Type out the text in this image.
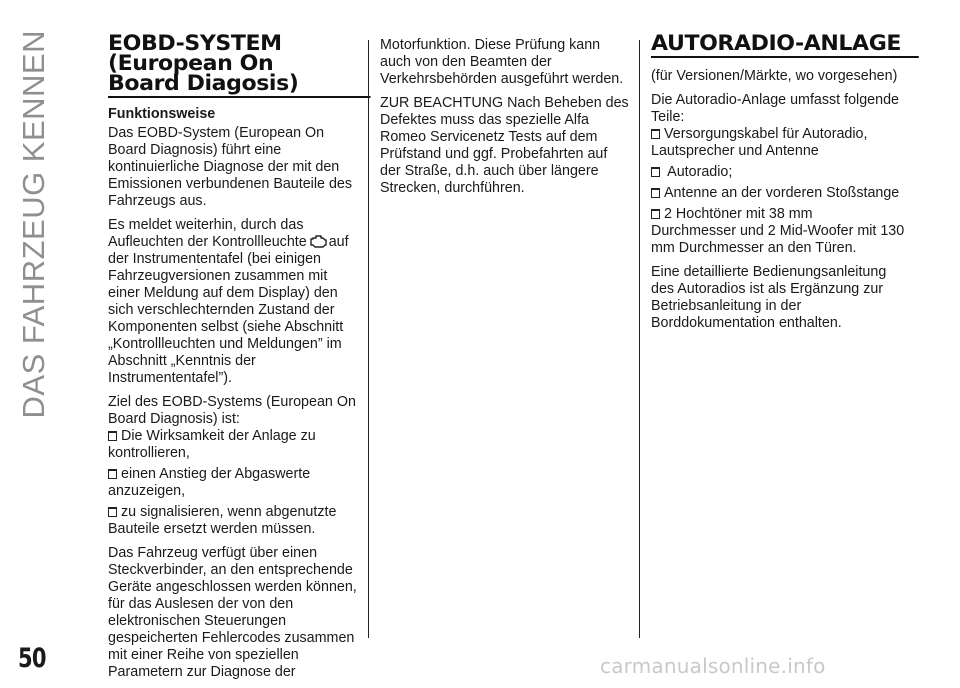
DAS FAHRZEUG KENNEN	EOBD-SYSTEM
(European On
Board Diagosis)
Funktionsweise

Das EOBD-System (European On Board Diagnosis) führt eine kontinuierliche Diagnose der mit den Emissionen verbundenen Bauteile des Fahrzeugs aus.

Es meldet weiterhin, durch das Aufleuchten der Kontrollleuchte auf der Instrumententafel (bei einigen Fahrzeugversionen zusammen mit einer Meldung auf dem Display) den sich verschlechternden Zustand der Komponenten selbst (siehe Abschnitt „Kontrollleuchten und Meldungen” im Abschnitt „Kenntnis der Instrumententafel”).

Ziel des EOBD-Systems (European On Board Diagnosis) ist:

Die Wirksamkeit der Anlage zu
kontrollieren,
einen Anstieg der Abgaswerte
anzuzeigen,
zu signalisieren, wenn abgenutzte
Bauteile ersetzt werden müssen.

Das Fahrzeug verfügt über einen Steckverbinder, an den entsprechende Geräte angeschlossen werden können, für das Auslesen der von den elektronischen Steuerungen gespeicherten Fehlercodes zusammen mit einer Reihe von speziellen Parametern zur Diagnose der

Motorfunktion. Diese Prüfung kann auch von den Beamten der Verkehrsbehörden ausgeführt werden.

ZUR BEACHTUNG Nach Beheben des Defektes muss das spezielle Alfa Romeo Servicenetz Tests auf dem Prüfstand und ggf. Probefahrten auf der Straße, d.h. auch über längere Strecken, durchführen.

AUTORADIO-ANLAGE

(für Versionen/Märkte, wo vorgesehen)

Die Autoradio-Anlage umfasst folgende Teile:

Versorgungskabel für Autoradio,
Lautsprecher und Antenne
Autoradio;
Antenne an der vorderen Stoßstange
2 Hochtöner mit 38 mm
Durchmesser und 2 Mid-Woofer mit 130 mm Durchmesser an den Türen.

Eine detaillierte Bedienungsanleitung des Autoradios ist als Ergänzung zur Betriebsanleitung in der Borddokumentation enthalten.

50	carmanualsonline.info
